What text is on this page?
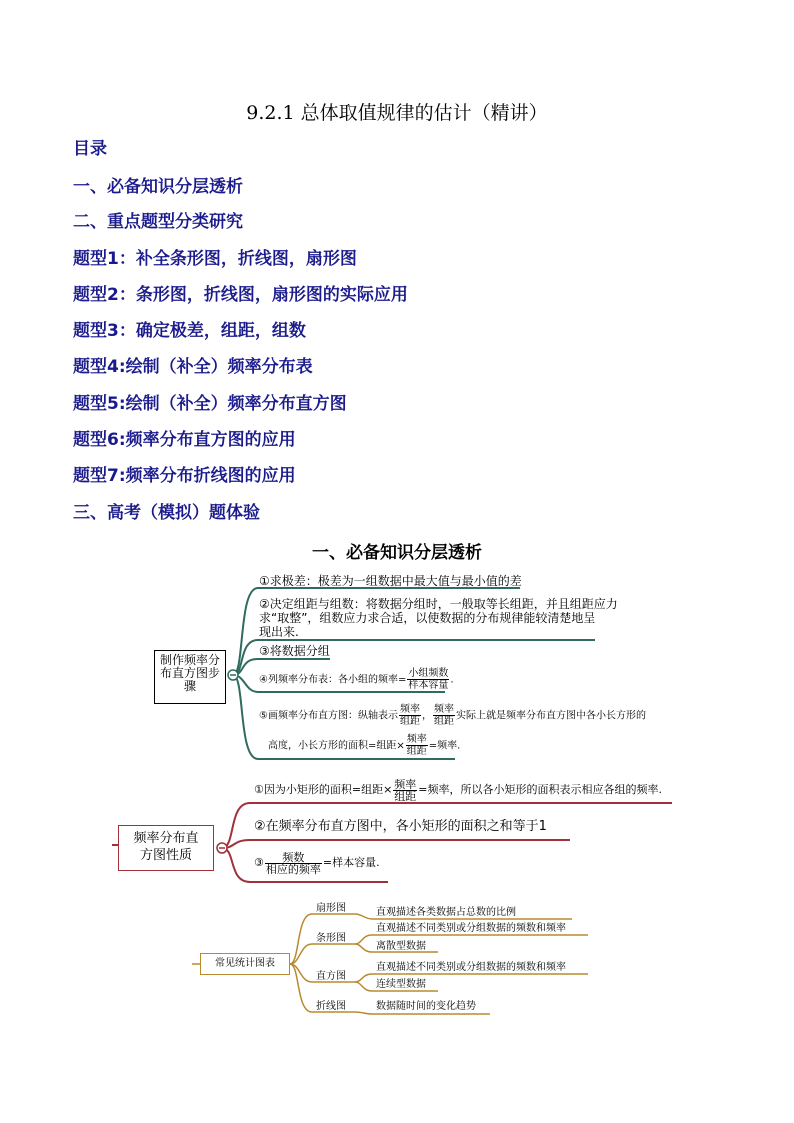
9.2.1 总体取值规律的估计（精讲）
目录
一、必备知识分层透析
二、重点题型分类研究
题型1：补全条形图，折线图，扇形图
题型2：条形图，折线图，扇形图的实际应用
题型3：确定极差，组距，组数
题型4:绘制（补全）频率分布表
题型5:绘制（补全）频率分布直方图
题型6:频率分布直方图的应用
题型7:频率分布折线图的应用
三、高考（模拟）题体验
一、必备知识分层透析
制作频率分布直方图步骤
①求极差：极差为一组数据中最大值与最小值的差
②决定组距与组数：将数据分组时，一般取等长组距，并且组距应力
求“取整”，组数应力求合适，以使数据的分布规律能较清楚地呈
现出来.
③将数据分组
④列频率分布表：各小组的频率= $\frac{\text{小组频数}}{\text{样本容量}}$ .
⑤画频率分布直方图：纵轴表示 $\frac{\text{频率}}{\text{组距}}$ ， $\frac{\text{频率}}{\text{组距}}$ 实际上就是频率分布直方图中各小长方形的
高度，小长方形的面积=组距× $\frac{\text{频率}}{\text{组距}}$ =频率.
频率分布直方图性质
①因为小矩形的面积=组距× $\frac{\text{频率}}{\text{组距}}$ =频率，所以各小矩形的面积表示相应各组的频率.
②在频率分布直方图中，各小矩形的面积之和等于1
③ $\frac{\text{频数}}{\text{相应的频率}}$ =样本容量.
常见统计图表
扇形图	直观描述各类数据占总数的比例
条形图
直观描述不同类别或分组数据的频数和频率
离散型数据
直方图
直观描述不同类别或分组数据的频数和频率
连续型数据
折线图	数据随时间的变化趋势
